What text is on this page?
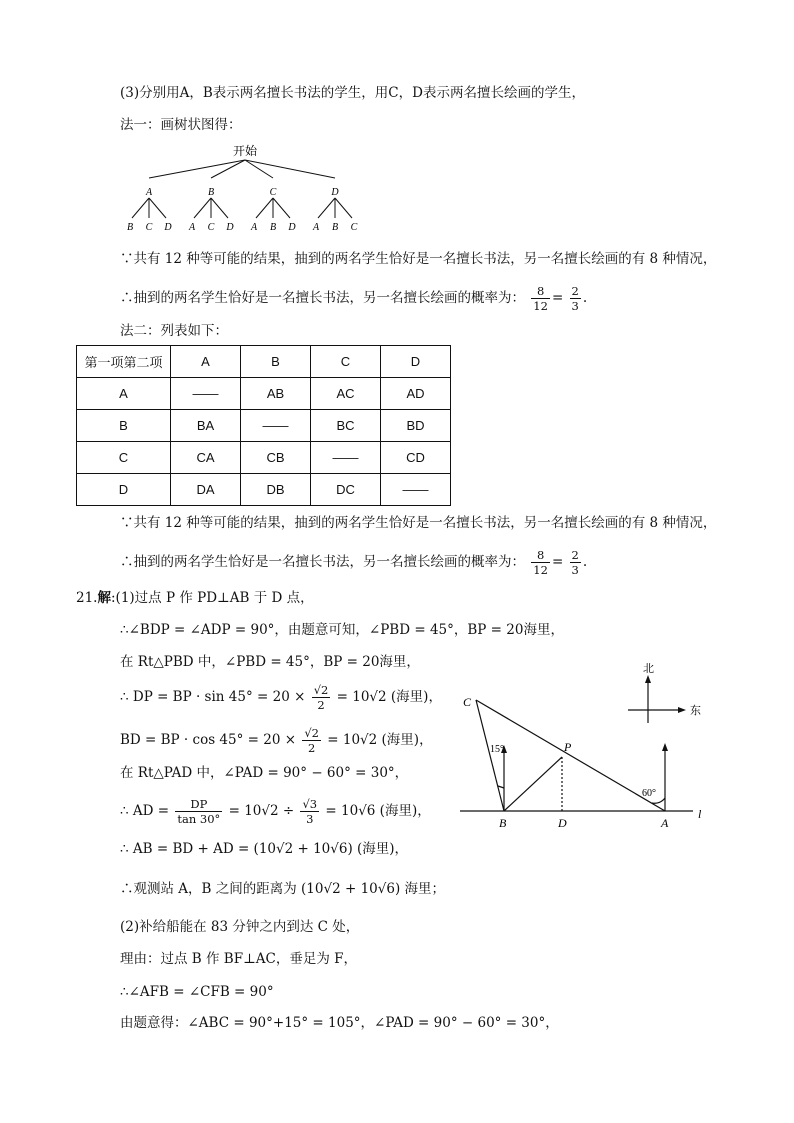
(3)分别用A，B表示两名擅长书法的学生，用C，D表示两名擅长绘画的学生，
法一：画树状图得：
开始
A	B	C	D
B C D A C D A B D A B C
∵共有 12 种等可能的结果，抽到的两名学生恰好是一名擅长书法，另一名擅长绘画的有 8 种情况，
∴抽到的两名学生恰好是一名擅长书法，另一名擅长绘画的概率为： $\frac{8}{12} = \frac{2}{3}$ .
法二：列表如下：
第一项第二项	A	B	C	D
A	——	AB	AC	AD
B	BA	——	BC	BD
C	CA	CB	——	CD
D	DA	DB	DC	——
∵共有 12 种等可能的结果，抽到的两名学生恰好是一名擅长书法，另一名擅长绘画的有 8 种情况，
∴抽到的两名学生恰好是一名擅长书法，另一名擅长绘画的概率为： $\frac{8}{12} = \frac{2}{3}$ .
21.解:(1)过点 P 作 PD⊥AB 于 D 点，
∴∠BDP = ∠ADP = 90°，由题意可知，∠PBD = 45°，BP = 20海里，
在 Rt△PBD 中，∠PBD = 45°，BP = 20海里，
∴ DP = BP · $\sin 45^\circ = 20 \times \frac{√2}{2} = 10√2$ (海里)，
BD = BP · $\cos 45^\circ = 20 \times \frac{√2}{2} = 10√2$ (海里)，
在 Rt△PAD 中，∠PAD = 90° − 60° = 30°，
∴ AD = $\frac{DP}{\tan 30^\circ} = 10√2 \div \frac{√3}{3} = 10√6$ (海里)，
∴ AB = BD + AD = (10√2 + 10√6) (海里)，
∴观测站 A，B 之间的距离为 (10√2 + 10√6) 海里；
(2)补给船能在 83 分钟之内到达 C 处，
理由：过点 B 作 BF⊥AC，垂足为 F，
∴∠AFB = ∠CFB = 90°
由题意得：∠ABC = 90°+15° = 105°，∠PAD = 90° − 60° = 30°，
C
P
B	D	A
l
15°
60°
北
东
